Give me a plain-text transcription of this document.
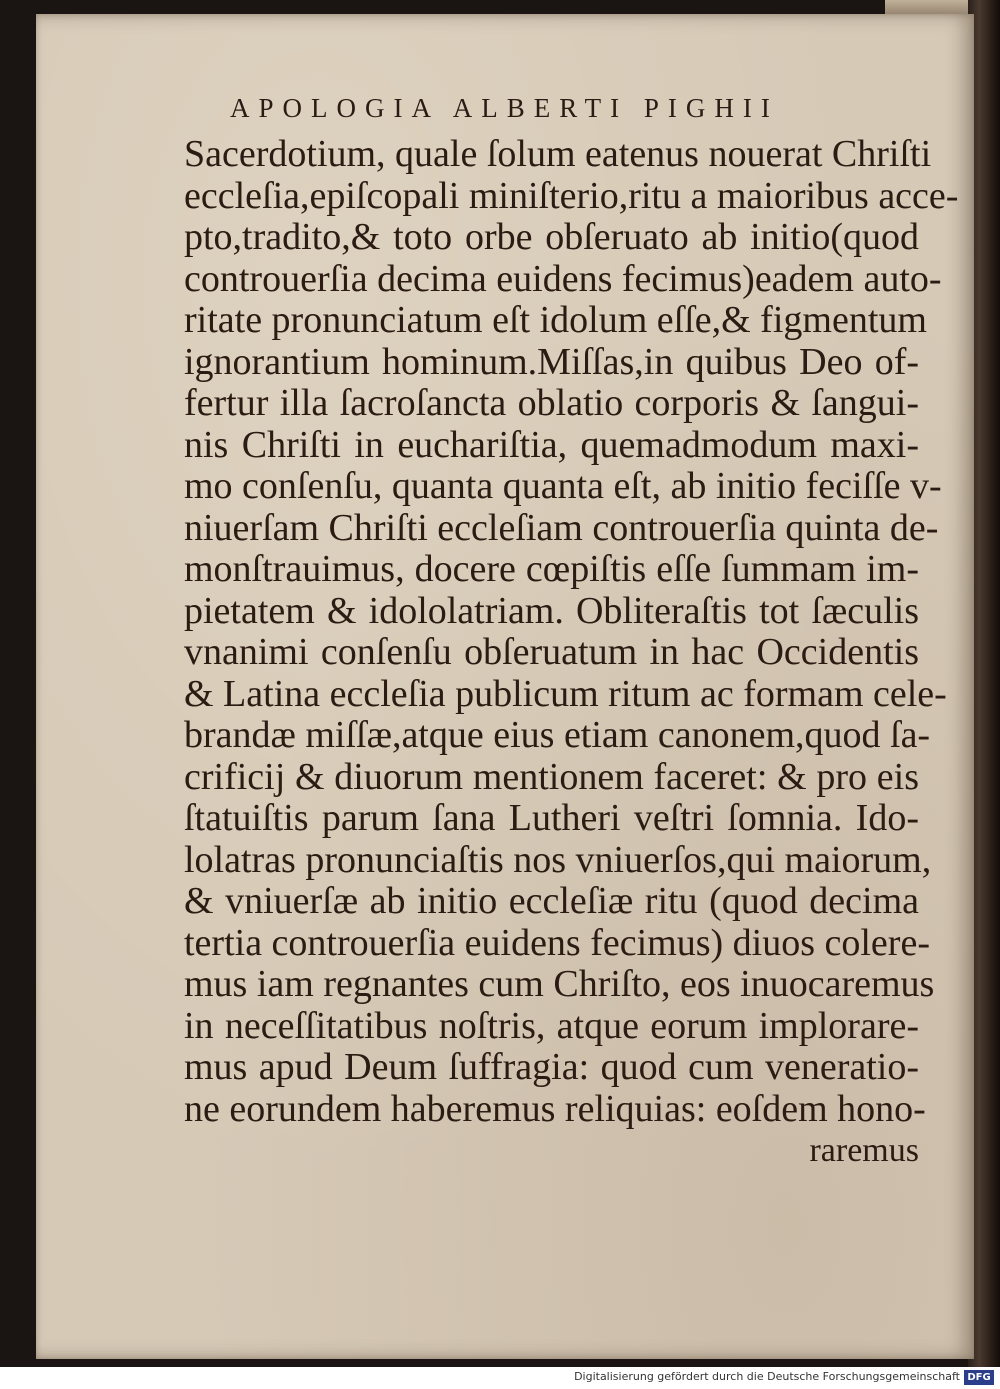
APOLOGIA ALBERTI PIGHII
Sacerdotium, quale ſolum eatenus nouerat Chriſti
eccleſia,epiſcopali miniſterio,ritu a maioribus acce-
pto,tradito,& toto orbe obſeruato ab initio(quod
controuerſia decima euidens fecimus)eadem auto-
ritate pronunciatum eſt idolum eſſe,& figmentum
ignorantium hominum.Miſſas,in quibus Deo of-
fertur illa ſacroſancta oblatio corporis & ſangui-
nis Chriſti in euchariſtia, quemadmodum maxi-
mo conſenſu, quanta quanta eſt, ab initio feciſſe v-
niuerſam Chriſti eccleſiam controuerſia quinta de-
monſtrauimus, docere cœpiſtis eſſe ſummam im-
pietatem & idololatriam. Obliteraſtis tot ſæculis
vnanimi conſenſu obſeruatum in hac Occidentis
& Latina eccleſia publicum ritum ac formam cele-
brandæ miſſæ,atque eius etiam canonem,quod ſa-
crificij & diuorum mentionem faceret: & pro eis
ſtatuiſtis parum ſana Lutheri veſtri ſomnia. Ido-
lolatras pronunciaſtis nos vniuerſos,qui maiorum,
& vniuerſæ ab initio eccleſiæ ritu (quod decima
tertia controuerſia euidens fecimus) diuos colere-
mus iam regnantes cum Chriſto, eos inuocaremus
in neceſſitatibus noſtris, atque eorum implorare-
mus apud Deum ſuffragia: quod cum veneratio-
ne eorundem haberemus reliquias: eoſdem hono-
raremus
Digitalisierung gefördert durch die Deutsche Forschungsgemeinschaft DFG
